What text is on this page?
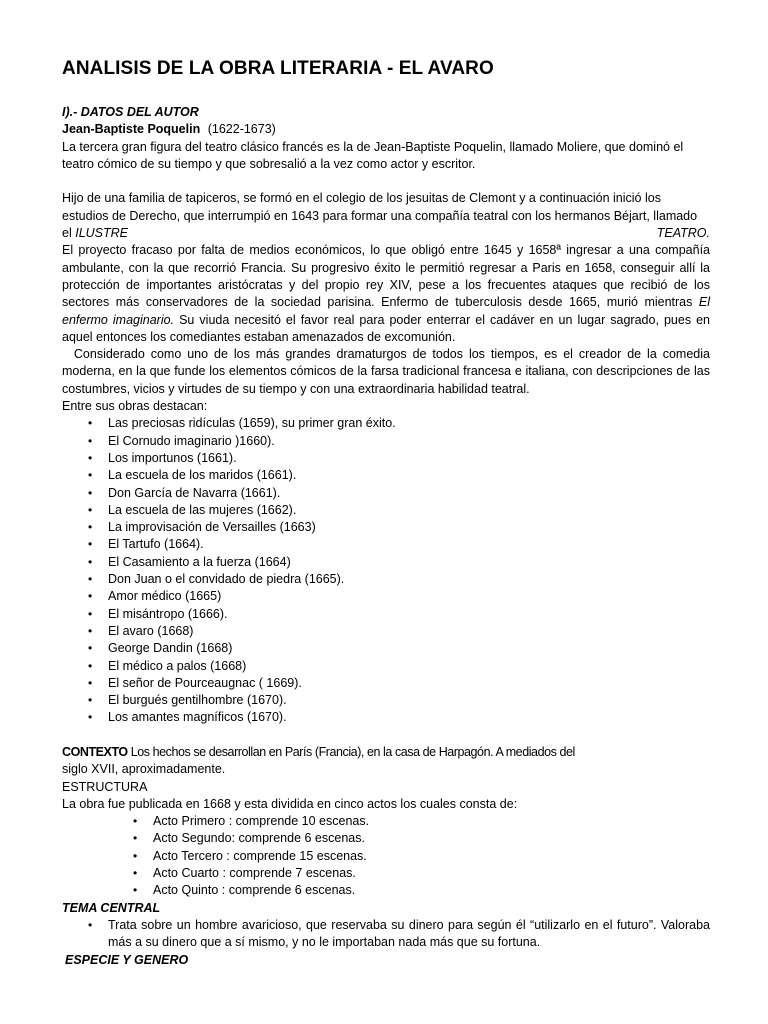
ANALISIS DE LA OBRA LITERARIA - EL AVARO

I).- DATOS DEL AUTOR

Jean-Baptiste Poquelin (1622-1673)

La tercera gran figura del teatro clásico francés es la de Jean-Baptiste Poquelin, llamado Moliere, que dominó el

teatro cómico de su tiempo y que sobresalió a la vez como actor y escritor.

Hijo de una familia de tapiceros, se formó en el colegio de los jesuitas de Clemont y a continuación inició los

estudios de Derecho, que interrumpió en 1643 para formar una compañía teatral con los hermanos Béjart, llamado

el ILUSTRE	TEATRO.

El proyecto fracaso por falta de medios económicos, lo que obligó entre 1645 y 1658ª ingresar a una compañía ambulante, con la que recorrió Francia. Su progresivo éxito le permitió regresar a Paris en 1658, conseguir allí la protección de importantes aristócratas y del propio rey XIV, pese a los frecuentes ataques que recibió de los sectores más conservadores de la sociedad parisina. Enfermo de tuberculosis desde 1665, murió mientras El enfermo imaginario. Su viuda necesitó el favor real para poder enterrar el cadáver en un lugar sagrado, pues en aquel entonces los comediantes estaban amenazados de excomunión.

Considerado como uno de los más grandes dramaturgos de todos los tiempos, es el creador de la comedia moderna, en la que funde los elementos cómicos de la farsa tradicional francesa e italiana, con descripciones de las costumbres, vicios y virtudes de su tiempo y con una extraordinaria habilidad teatral.

Entre sus obras destacan:

• Las preciosas ridículas (1659), su primer gran éxito.
• El Cornudo imaginario )1660).
• Los importunos (1661).
• La escuela de los maridos (1661).
• Don García de Navarra (1661).
• La escuela de las mujeres (1662).
• La improvisación de Versailles (1663)
• El Tartufo (1664).
• El Casamiento a la fuerza (1664)
• Don Juan o el convidado de piedra (1665).
• Amor médico (1665)
• El misántropo (1666).
• El avaro (1668)
• George Dandin (1668)
• El médico a palos (1668)
• El señor de Pourceaugnac ( 1669).
• El burgués gentilhombre (1670).
• Los amantes magníficos (1670).

CONTEXTO Los hechos se desarrollan en París (Francia), en la casa de Harpagón. A mediados del

siglo XVII, aproximadamente.

ESTRUCTURA

La obra fue publicada en 1668 y esta dividida en cinco actos los cuales consta de:

• Acto Primero : comprende 10 escenas.
• Acto Segundo: comprende 6 escenas.
• Acto Tercero : comprende 15 escenas.
• Acto Cuarto : comprende 7 escenas.
• Acto Quinto : comprende 6 escenas.

TEMA CENTRAL

• Trata sobre un hombre avaricioso, que reservaba su dinero para según él “utilizarlo en el futuro”. Valoraba más a su dinero que a sí mismo, y no le importaban nada más que su fortuna.

ESPECIE Y GENERO
